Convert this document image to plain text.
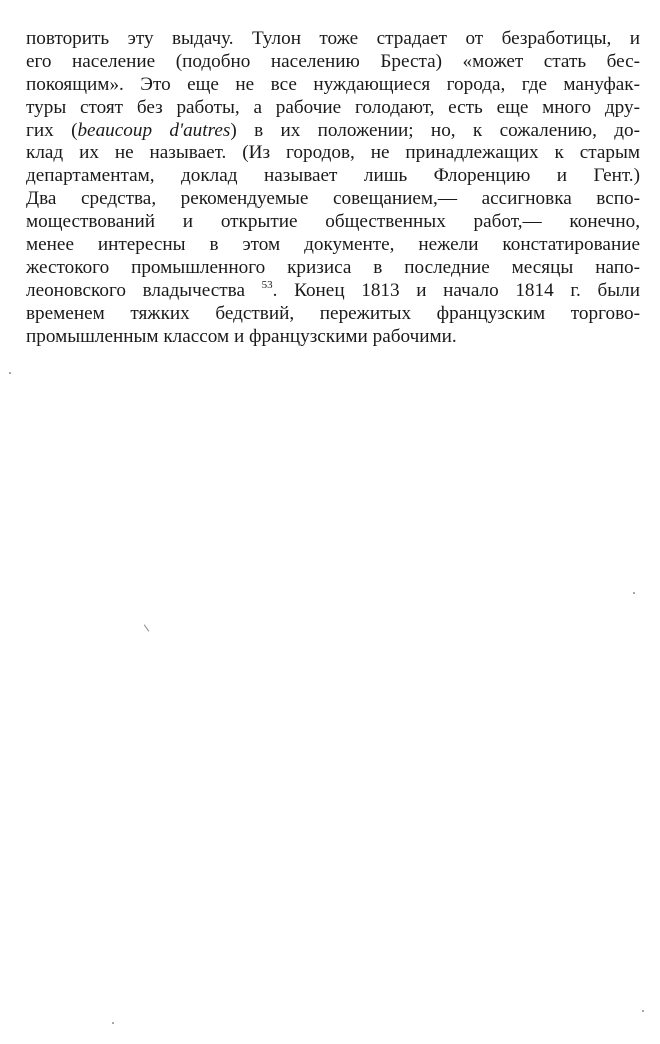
повторить эту выдачу. Тулон тоже страдает от безработицы, и
его население (подобно населению Бреста) «может стать бес-
покоящим». Это еще не все нуждающиеся города, где мануфак-
туры стоят без работы, а рабочие голодают, есть еще много дру-
гих (beaucoup d'autres) в их положении; но, к сожалению, до-
клад их не называет. (Из городов, не принадлежащих к старым
департаментам, доклад называет лишь Флоренцию и Гент.)
Два средства, рекомендуемые совещанием,— ассигновка вспо-
моществований и открытие общественных работ,— конечно,
менее интересны в этом документе, нежели констатирование
жестокого промышленного кризиса в последние месяцы напо-
леоновского владычества $^{53}$. Конец 1813 и начало 1814 г. были
временем тяжких бедствий, пережитых французским торгово-
промышленным классом и французскими рабочими.
